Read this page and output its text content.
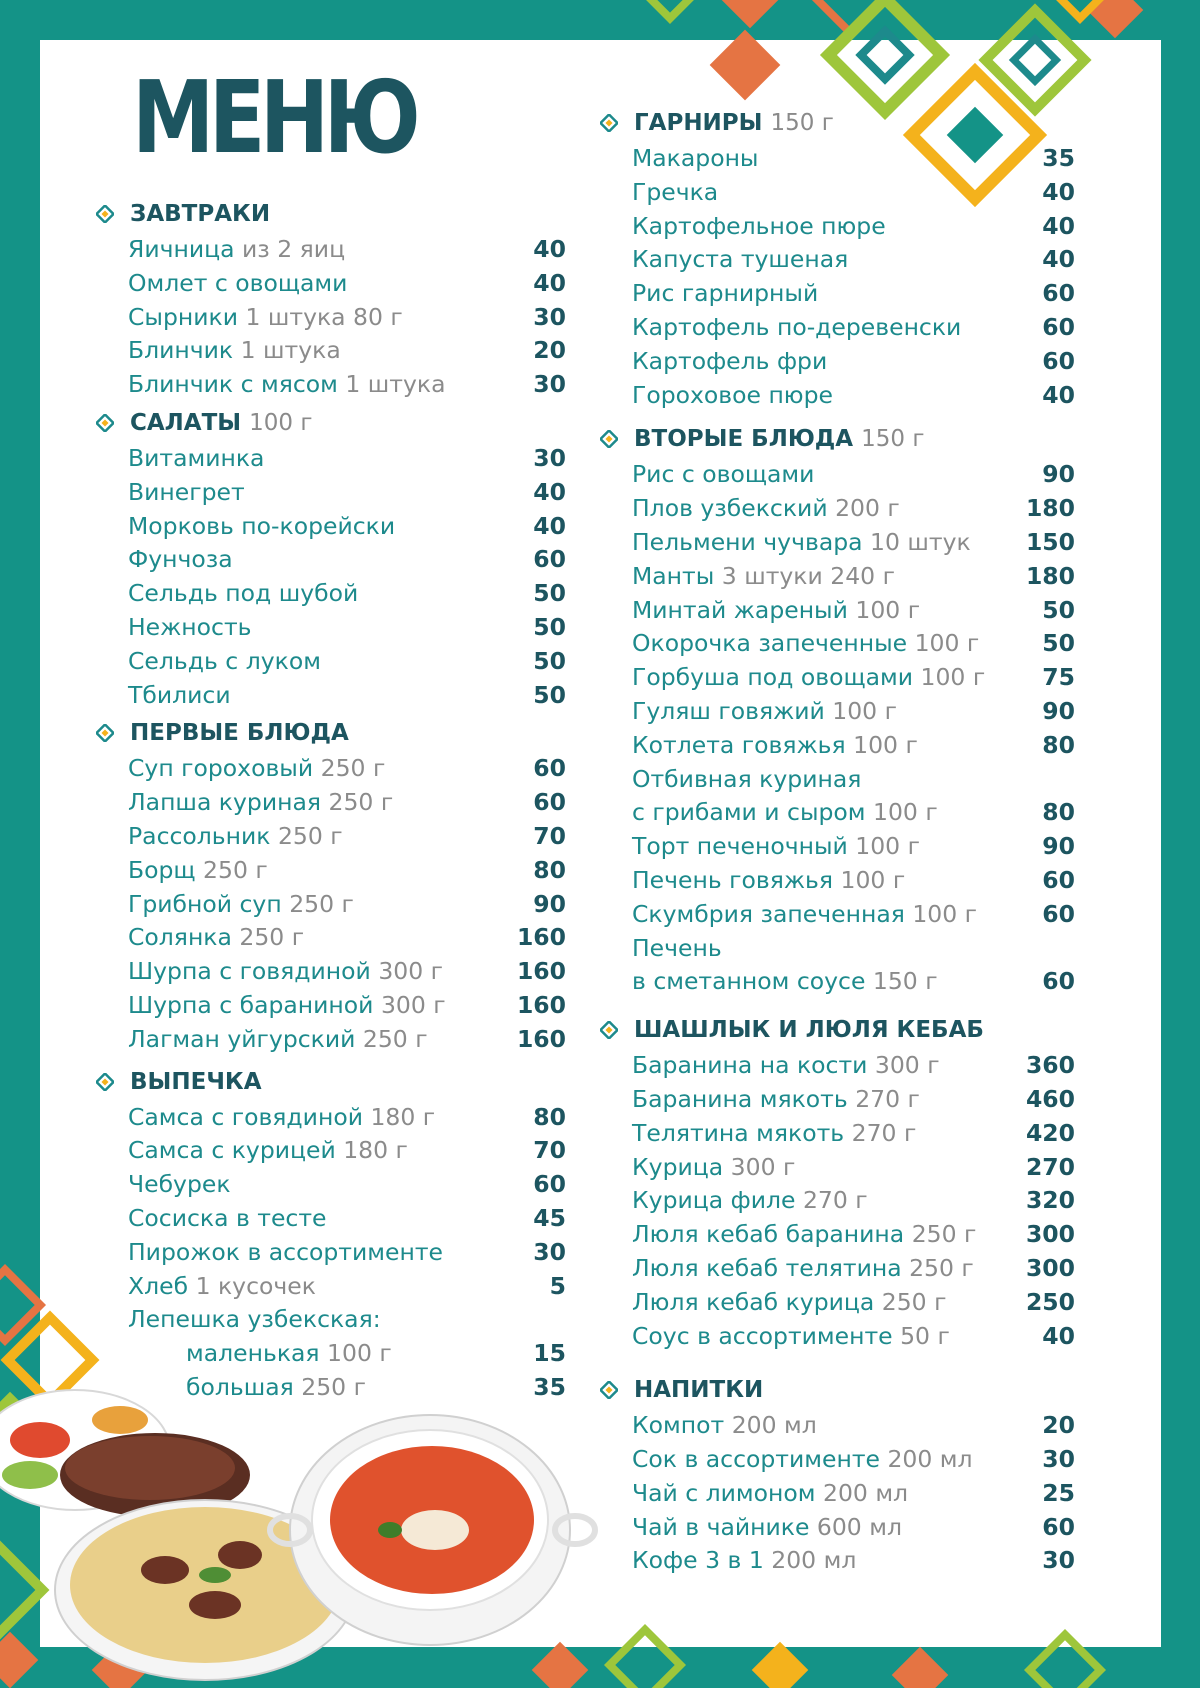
МЕНЮ
ЗАВТРАКИ
Яичница из 2 яиц	40
Омлет с овощами	40
Сырники 1 штука 80 г	30
Блинчик 1 штука	20
Блинчик с мясом 1 штука	30
САЛАТЫ 100 г
Витаминка	30
Винегрет	40
Морковь по-корейски	40
Фунчоза	60
Сельдь под шубой	50
Нежность	50
Сельдь с луком	50
Тбилиси	50
ПЕРВЫЕ БЛЮДА
Суп гороховый 250 г	60
Лапша куриная 250 г	60
Рассольник 250 г	70
Борщ 250 г	80
Грибной суп 250 г	90
Солянка 250 г	160
Шурпа с говядиной 300 г	160
Шурпа с бараниной 300 г	160
Лагман уйгурский 250 г	160
ВЫПЕЧКА
Самса с говядиной 180 г	80
Самса с курицей 180 г	70
Чебурек	60
Сосиска в тесте	45
Пирожок в ассортименте	30
Хлеб 1 кусочек	5
Лепешка узбекская:
маленькая 100 г	15
большая 250 г	35
ГАРНИРЫ 150 г
Макароны	35
Гречка	40
Картофельное пюре	40
Капуста тушеная	40
Рис гарнирный	60
Картофель по-деревенски	60
Картофель фри	60
Гороховое пюре	40
ВТОРЫЕ БЛЮДА 150 г
Рис с овощами	90
Плов узбекский 200 г	180
Пельмени чучвара 10 штук 150
Манты 3 штуки 240 г	180
Минтай жареный 100 г	50
Окорочка запеченные 100 г	50
Горбуша под овощами 100 г 75
Гуляш говяжий 100 г	90
Котлета говяжья 100 г	80
Отбивная куриная
с грибами и сыром 100 г	80
Торт печеночный 100 г	90
Печень говяжья 100 г	60
Скумбрия запеченная 100 г	60
Печень
в сметанном соусе 150 г	60
ШАШЛЫК И ЛЮЛЯ КЕБАБ
Баранина на кости 300 г	360
Баранина мякоть 270 г	460
Телятина мякоть 270 г	420
Курица 300 г	270
Курица филе 270 г	320
Люля кебаб баранина 250 г 300
Люля кебаб телятина 250 г 300
Люля кебаб курица 250 г	250
Соус в ассортименте 50 г	40
НАПИТКИ
Компот 200 мл	20
Сок в ассортименте 200 мл	30
Чай с лимоном 200 мл	25
Чай в чайнике 600 мл	60
Кофе 3 в 1 200 мл	30
